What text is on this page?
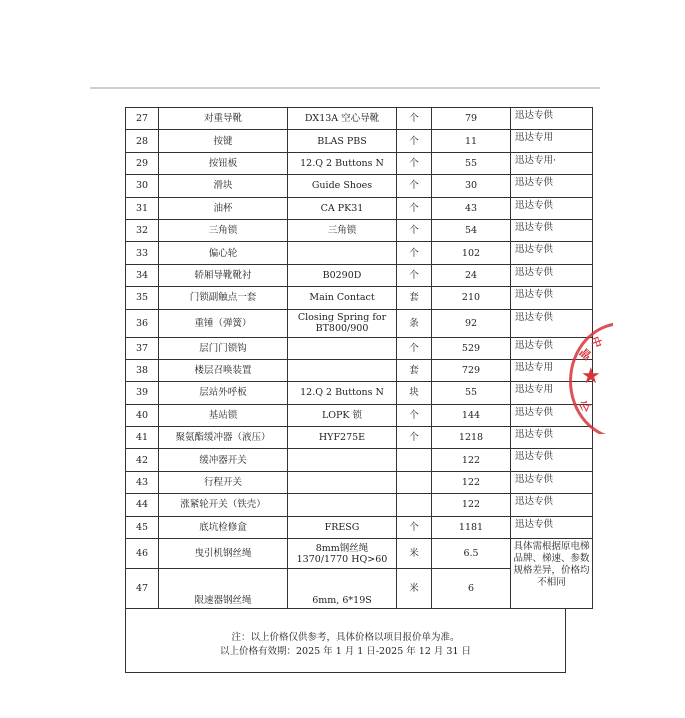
27	对重导靴	DX13A 空心导靴	个	79	迅达专供
28	按键	BLAS PBS	个	11	迅达专用
29	按钮板	12.Q 2 Buttons N	个	55	迅达专用·
30	滑块	Guide Shoes	个	30	迅达专供
31	油杯	CA PK31	个	43	迅达专供
32	三角锁	三角锁	个	54	迅达专供
33	偏心轮		个	102	迅达专供
34	轿厢导靴靴衬	B0290D	个	24	迅达专供
35	门锁副触点一套	Main Contact	套	210	迅达专供
36	重锤（弹簧）	Closing Spring for BT800/900	条	92	迅达专供
37	层门门锁钩		个	529	迅达专供
38	楼层召唤装置		套	729	迅达专用
39	层站外呼板	12.Q 2 Buttons N	块	55	迅达专用
40	基站锁	LOPK 锁	个	144	迅达专供
41	聚氨酯缓冲器（液压）	HYF275E	个	1218	迅达专供
42	缓冲器开关			122	迅达专供
43	行程开关			122	迅达专供
44	涨紧轮开关（铁壳）			122	迅达专供
45	底坑检修盒	FRESG	个	1181	迅达专供
46	曳引机钢丝绳	8mm钢丝绳 1370/1770 HQ>60	米	6.5	具体需根据原电梯品牌、梯速、参数规格差异，价格均不相同
47	限速器钢丝绳	6mm, 6*19S	米	6	
注：以上价格仅供参考，具体价格以项目报价单为准。
以上价格有效期：2025 年 1 月 1 日-2025 年 12 月 31 日
中
晶
★
公
